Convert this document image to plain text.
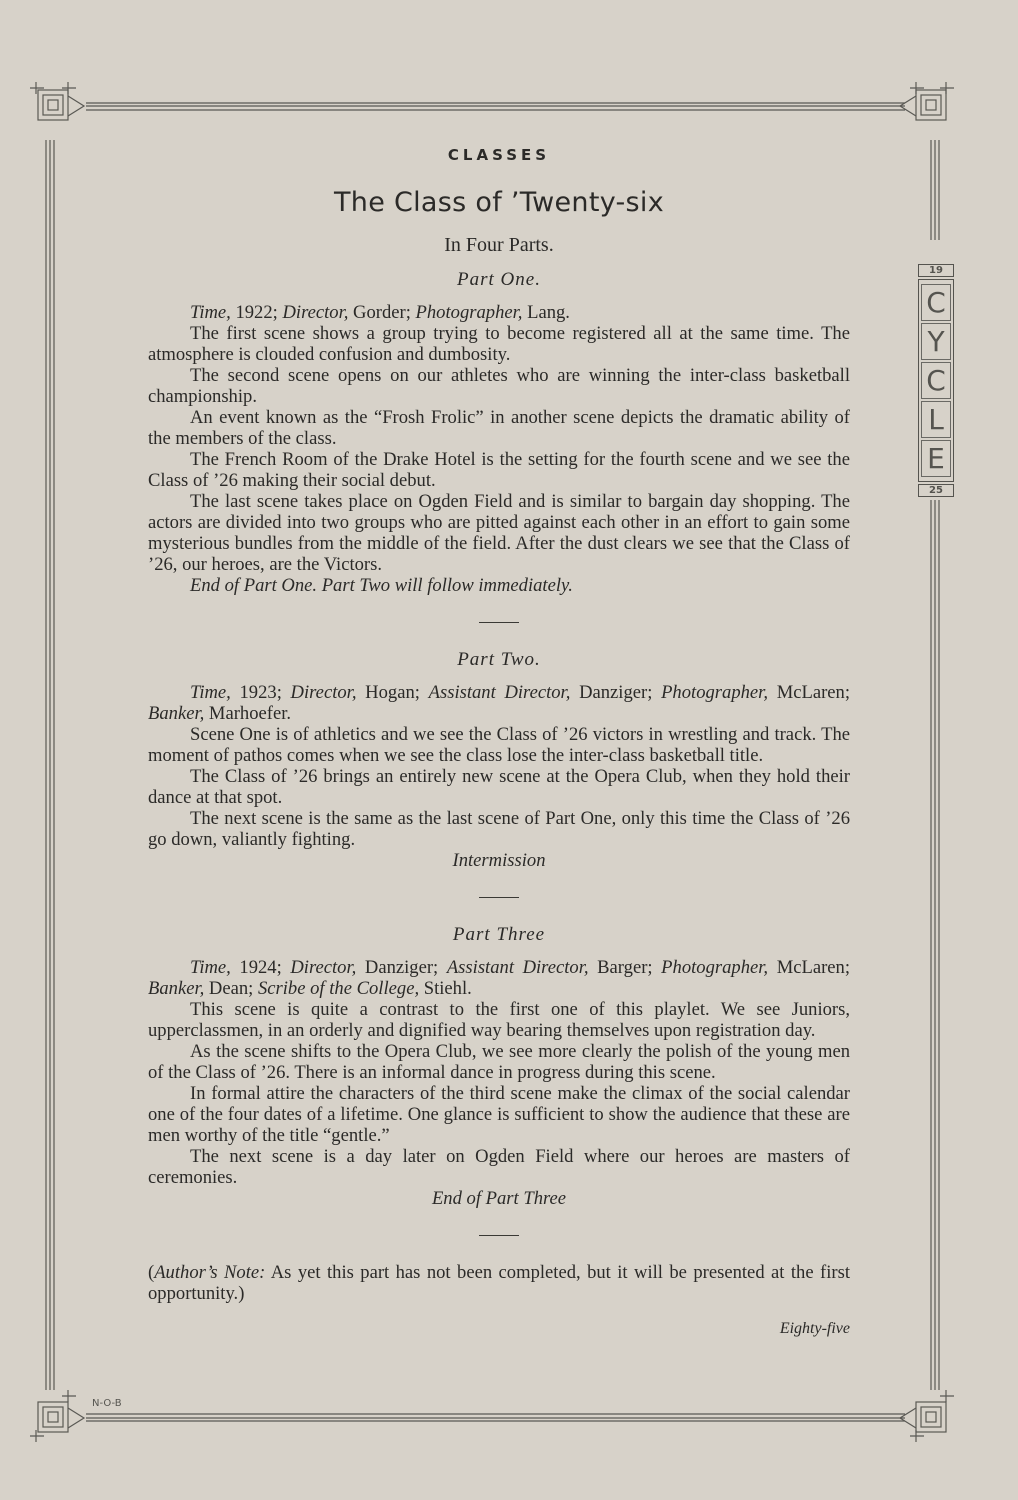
19
C
Y
C
L
E
25
N-O-B
CLASSES
The Class of ’Twenty-six
In Four Parts.
Part One.

Time, 1922; Director, Gorder; Photographer, Lang.

The first scene shows a group trying to become registered all at the same time. The atmosphere is clouded confusion and dumbosity.

The second scene opens on our athletes who are winning the inter-class basketball championship.

An event known as the “Frosh Frolic” in another scene depicts the dramatic ability of the members of the class.

The French Room of the Drake Hotel is the setting for the fourth scene and we see the Class of ’26 making their social debut.

The last scene takes place on Ogden Field and is similar to bargain day shopping. The actors are divided into two groups who are pitted against each other in an effort to gain some mysterious bundles from the middle of the field. After the dust clears we see that the Class of ’26, our heroes, are the Victors.

End of Part One. Part Two will follow immediately.

Part Two.

Time, 1923; Director, Hogan; Assistant Director, Danziger; Photographer, McLaren; Banker, Marhoefer.

Scene One is of athletics and we see the Class of ’26 victors in wrestling and track. The moment of pathos comes when we see the class lose the inter-class basketball title.

The Class of ’26 brings an entirely new scene at the Opera Club, when they hold their dance at that spot.

The next scene is the same as the last scene of Part One, only this time the Class of ’26 go down, valiantly fighting.

Intermission

Part Three

Time, 1924; Director, Danziger; Assistant Director, Barger; Photographer, McLaren; Banker, Dean; Scribe of the College, Stiehl.

This scene is quite a contrast to the first one of this playlet. We see Juniors, upperclassmen, in an orderly and dignified way bearing themselves upon registration day.

As the scene shifts to the Opera Club, we see more clearly the polish of the young men of the Class of ’26. There is an informal dance in progress during this scene.

In formal attire the characters of the third scene make the climax of the social calendar one of the four dates of a lifetime. One glance is sufficient to show the audience that these are men worthy of the title “gentle.”

The next scene is a day later on Ogden Field where our heroes are masters of ceremonies.

End of Part Three

(Author’s Note: As yet this part has not been completed, but it will be presented at the first opportunity.)

Eighty-five
